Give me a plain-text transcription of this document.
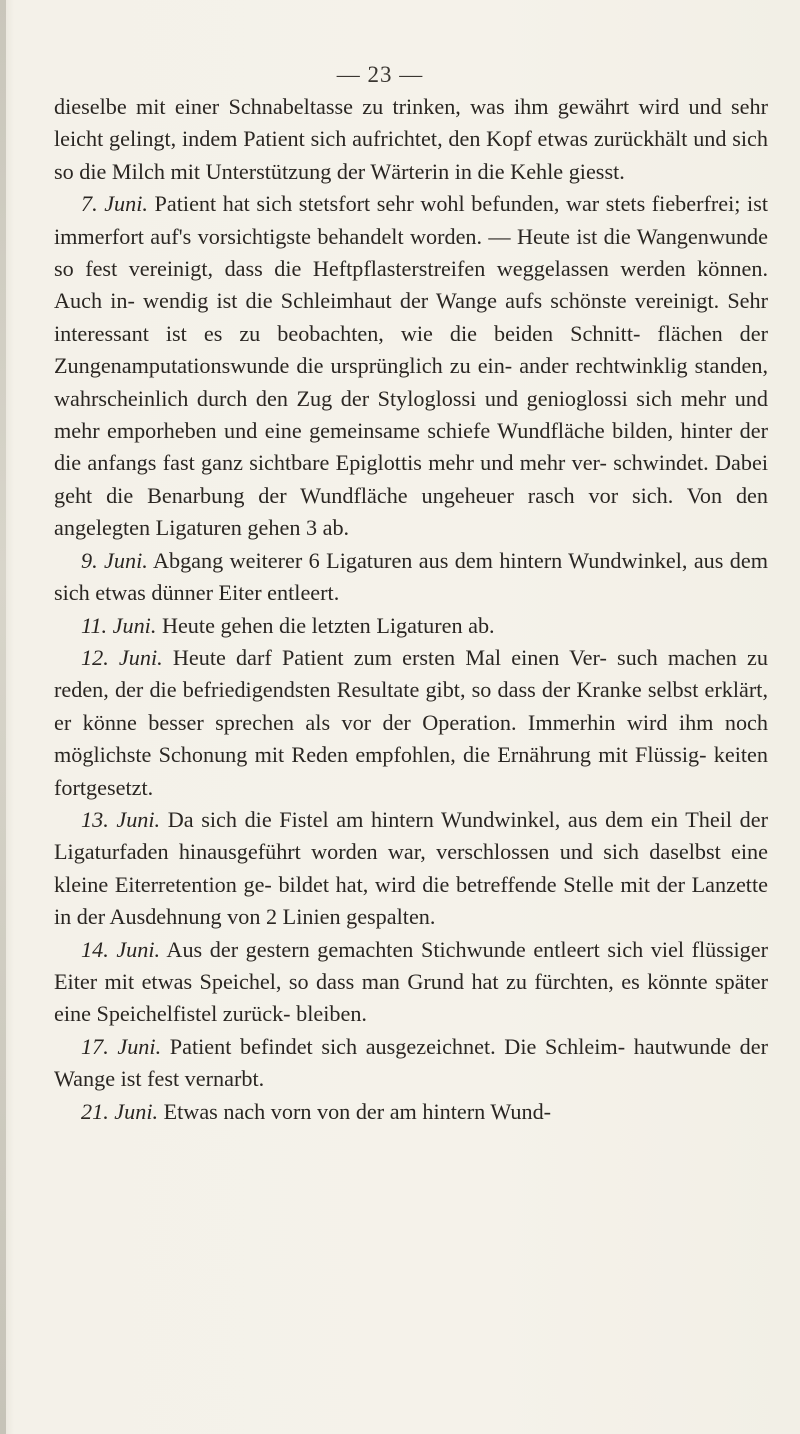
— 23 —

dieselbe mit einer Schnabeltasse zu trinken, was ihm gewährt wird und sehr leicht gelingt, indem Patient sich aufrichtet, den Kopf etwas zurückhält und sich so die Milch mit Unterstützung der Wärterin in die Kehle giesst.

7. Juni. Patient hat sich stetsfort sehr wohl befunden, war stets fieberfrei; ist immerfort auf's vorsichtigste behandelt worden. — Heute ist die Wangenwunde so fest vereinigt, dass die Heftpflasterstreifen weggelassen werden können. Auch in- wendig ist die Schleimhaut der Wange aufs schönste vereinigt. Sehr interessant ist es zu beobachten, wie die beiden Schnitt- flächen der Zungenamputationswunde die ursprünglich zu ein- ander rechtwinklig standen, wahrscheinlich durch den Zug der Styloglossi und genioglossi sich mehr und mehr emporheben und eine gemeinsame schiefe Wundfläche bilden, hinter der die anfangs fast ganz sichtbare Epiglottis mehr und mehr ver- schwindet. Dabei geht die Benarbung der Wundfläche ungeheuer rasch vor sich. Von den angelegten Ligaturen gehen 3 ab.

9. Juni. Abgang weiterer 6 Ligaturen aus dem hintern Wundwinkel, aus dem sich etwas dünner Eiter entleert.

11. Juni. Heute gehen die letzten Ligaturen ab.

12. Juni. Heute darf Patient zum ersten Mal einen Ver- such machen zu reden, der die befriedigendsten Resultate gibt, so dass der Kranke selbst erklärt, er könne besser sprechen als vor der Operation. Immerhin wird ihm noch möglichste Schonung mit Reden empfohlen, die Ernährung mit Flüssig- keiten fortgesetzt.

13. Juni. Da sich die Fistel am hintern Wundwinkel, aus dem ein Theil der Ligaturfaden hinausgeführt worden war, verschlossen und sich daselbst eine kleine Eiterretention ge- bildet hat, wird die betreffende Stelle mit der Lanzette in der Ausdehnung von 2 Linien gespalten.

14. Juni. Aus der gestern gemachten Stichwunde entleert sich viel flüssiger Eiter mit etwas Speichel, so dass man Grund hat zu fürchten, es könnte später eine Speichelfistel zurück- bleiben.

17. Juni. Patient befindet sich ausgezeichnet. Die Schleim- hautwunde der Wange ist fest vernarbt.

21. Juni. Etwas nach vorn von der am hintern Wund-
